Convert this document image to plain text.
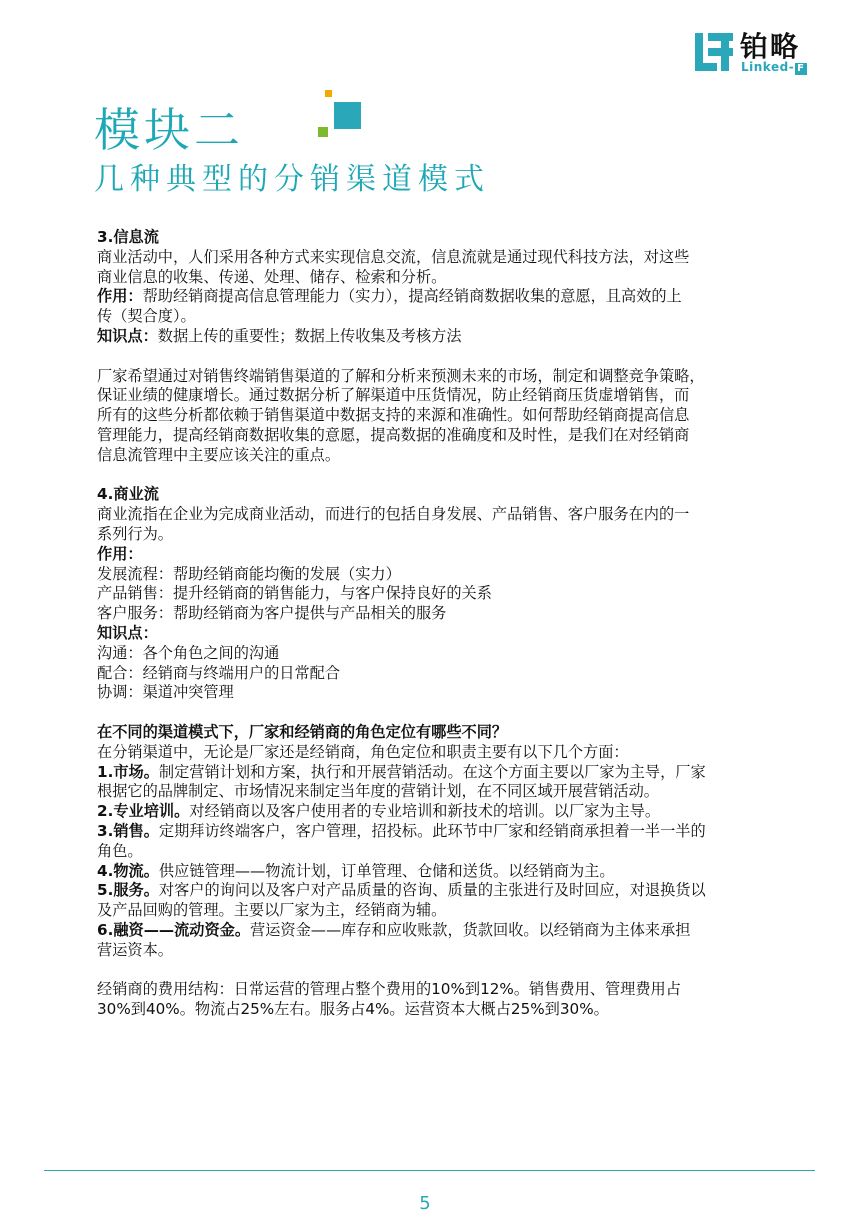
铂略
Linked- F
模块二
几种典型的分销渠道模式

3.信息流

商业活动中，人们采用各种方式来实现信息交流，信息流就是通过现代科技方法，对这些

商业信息的收集、传递、处理、储存、检索和分析。

作用：帮助经销商提高信息管理能力（实力），提高经销商数据收集的意愿，且高效的上

传（契合度）。

知识点：数据上传的重要性；数据上传收集及考核方法

厂家希望通过对销售终端销售渠道的了解和分析来预测未来的市场，制定和调整竞争策略，

保证业绩的健康增长。通过数据分析了解渠道中压货情况，防止经销商压货虚增销售，而

所有的这些分析都依赖于销售渠道中数据支持的来源和准确性。如何帮助经销商提高信息

管理能力，提高经销商数据收集的意愿，提高数据的准确度和及时性，是我们在对经销商

信息流管理中主要应该关注的重点。

4.商业流

商业流指在企业为完成商业活动，而进行的包括自身发展、产品销售、客户服务在内的一

系列行为。

作用：

发展流程：帮助经销商能均衡的发展（实力）

产品销售：提升经销商的销售能力，与客户保持良好的关系

客户服务：帮助经销商为客户提供与产品相关的服务

知识点：

沟通：各个角色之间的沟通

配合：经销商与终端用户的日常配合

协调：渠道冲突管理

在不同的渠道模式下，厂家和经销商的角色定位有哪些不同？

在分销渠道中，无论是厂家还是经销商，角色定位和职责主要有以下几个方面：

1.市场。制定营销计划和方案，执行和开展营销活动。在这个方面主要以厂家为主导，厂家

根据它的品牌制定、市场情况来制定当年度的营销计划，在不同区域开展营销活动。

2.专业培训。对经销商以及客户使用者的专业培训和新技术的培训。以厂家为主导。

3.销售。定期拜访终端客户，客户管理，招投标。此环节中厂家和经销商承担着一半一半的

角色。

4.物流。供应链管理——物流计划，订单管理、仓储和送货。以经销商为主。

5.服务。对客户的询问以及客户对产品质量的咨询、质量的主张进行及时回应，对退换货以

及产品回购的管理。主要以厂家为主，经销商为辅。

6.融资——流动资金。营运资金——库存和应收账款，货款回收。以经销商为主体来承担

营运资本。

经销商的费用结构：日常运营的管理占整个费用的10%到12%。销售费用、管理费用占

30%到40%。物流占25%左右。服务占4%。运营资本大概占25%到30%。

5
